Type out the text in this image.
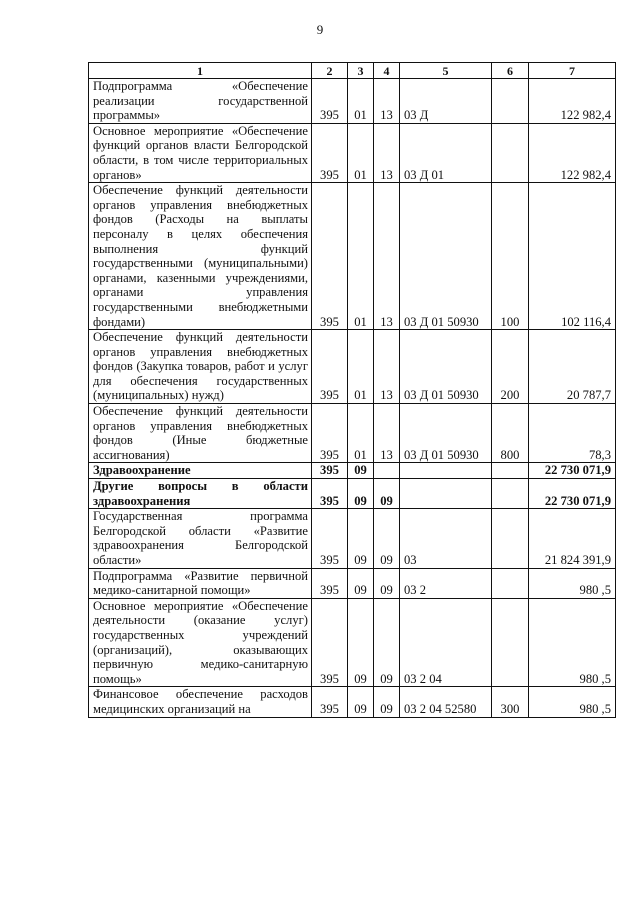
9
1	2	3	4	5	6	7
Подпрограмма «Обеспечение реализации государственной программы»	395	01	13	03 Д		122 982,4
Основное мероприятие «Обеспечение функций органов власти Белгородской области, в том числе территориальных органов»	395	01	13	03 Д 01		122 982,4
Обеспечение функций деятельности органов управления внебюджетных фондов (Расходы на выплаты персоналу в целях обеспечения выполнения функций государственными (муниципальными) органами, казенными учреждениями, органами управления государственными внебюджетными фондами)	395	01	13	03 Д 01 50930	100	102 116,4
Обеспечение функций деятельности органов управления внебюджетных фондов (Закупка товаров, работ и услуг для обеспечения государственных (муниципальных) нужд)	395	01	13	03 Д 01 50930	200	20 787,7
Обеспечение функций деятельности органов управления внебюджетных фондов (Иные бюджетные ассигнования)	395	01	13	03 Д 01 50930	800	78,3
Здравоохранение	395	09				22 730 071,9
Другие вопросы в области здравоохранения	395	09	09			22 730 071,9
Государственная программа Белгородской области «Развитие здравоохранения Белгородской области»	395	09	09	03		21 824 391,9
Подпрограмма «Развитие первичной медико-санитарной помощи»	395	09	09	03 2		980 ,5
Основное мероприятие «Обеспечение деятельности (оказание услуг) государственных учреждений (организаций), оказывающих первичную медико-санитарную помощь»	395	09	09	03 2 04		980 ,5
Финансовое обеспечение расходов медицинских организаций на	395	09	09	03 2 04 52580	300	980 ,5
